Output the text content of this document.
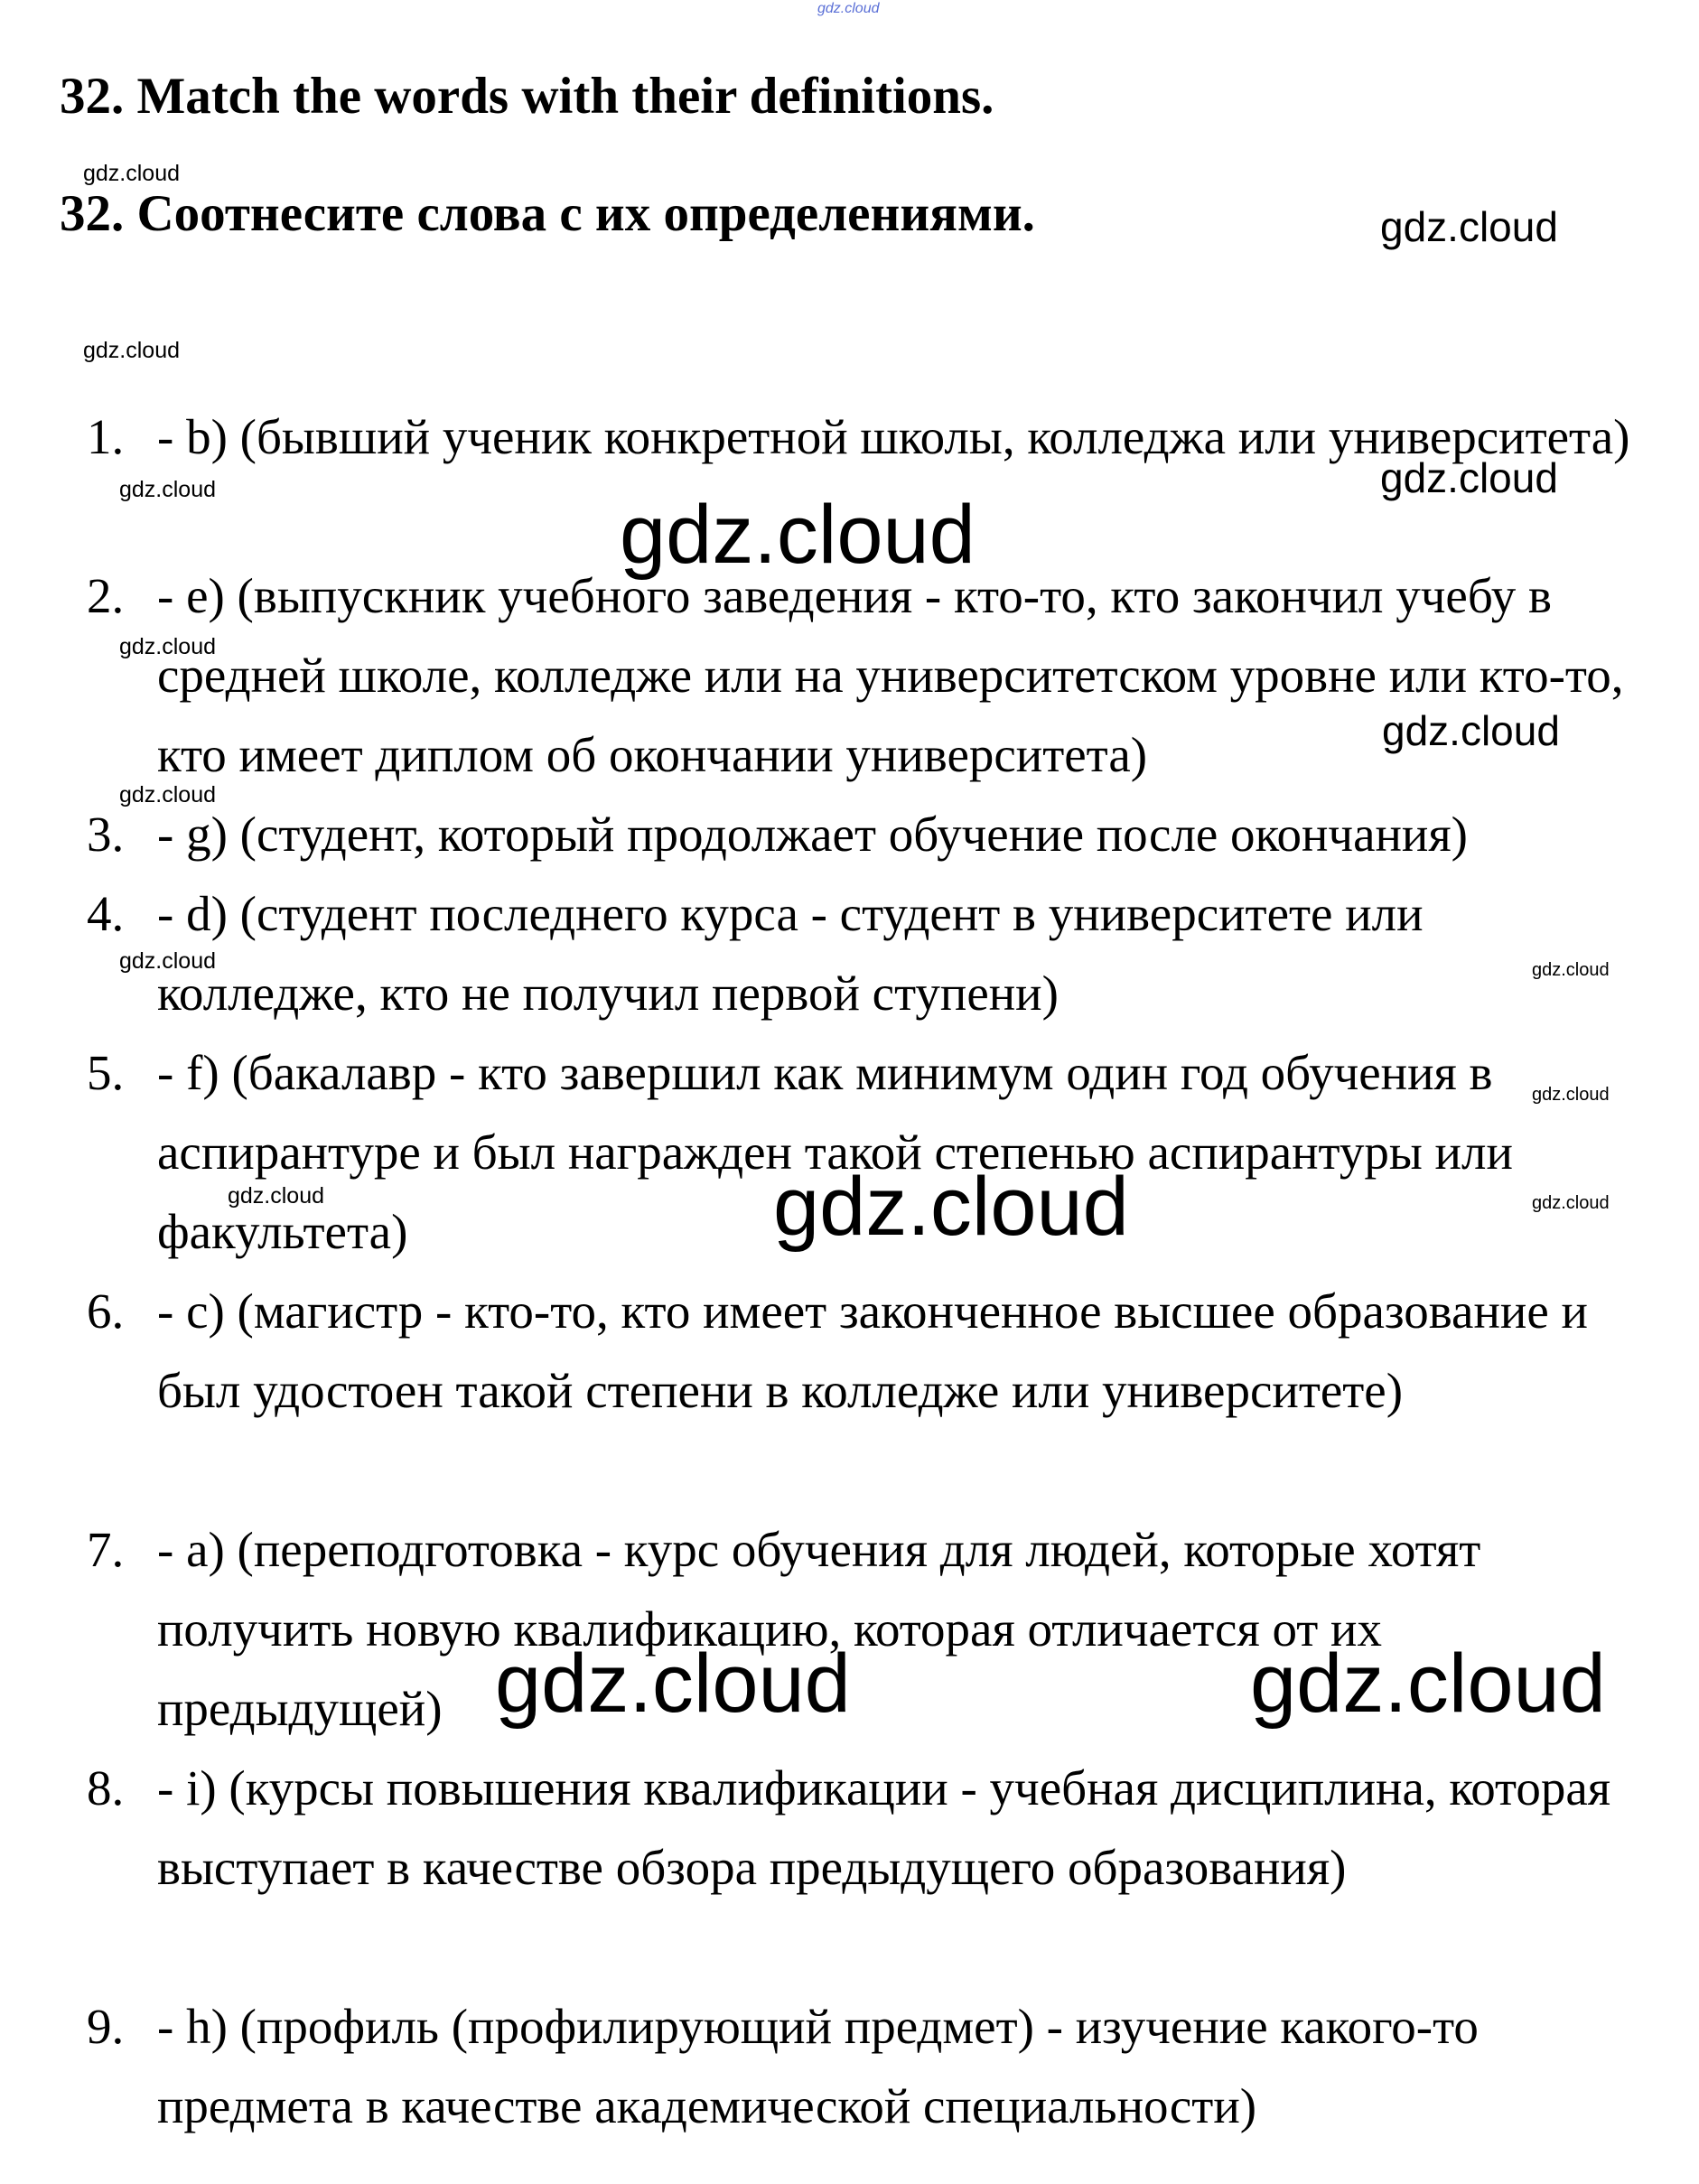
gdz.cloud
32. Match the words with their definitions.
gdz.cloud
32. Соотнесите слова с их определениями.	gdz.cloud
gdz.cloud
1. - b) (бывший ученик конкретной школы, колледжа или университета)
2. - e) (выпускник учебного заведения - кто-то, кто закончил учебу в средней школе, колледже или на университетском уровне или кто-то, кто имеет диплом об окончании университета)
3. - g) (студент, который продолжает обучение после окончания)
4. - d) (студент последнего курса - студент в университете или колледже, кто не получил первой ступени)
5. - f) (бакалавр - кто завершил как минимум один год обучения в аспирантуре и был награжден такой степенью аспирантуры или факультета)
6. - c) (магистр - кто-то, кто имеет законченное высшее образование и был удостоен такой степени в колледже или университете)
7. - a) (переподготовка - курс обучения для людей, которые хотят получить новую квалификацию, которая отличается от их предыдущей)
8. - i) (курсы повышения квалификации - учебная дисциплина, которая выступает в качестве обзора предыдущего образования)
9. - h) (профиль (профилирующий предмет) - изучение какого-то предмета в качестве академической специальности)
gdz.cloud
gdz.cloud	gdz.cloud
gdz.cloud
gdz.cloud
gdz.cloud
gdz.cloud	gdz.cloud
gdz.cloud
gdz.cloud	gdz.cloud
gdz.cloud
gdz.cloud	gdz.cloud
